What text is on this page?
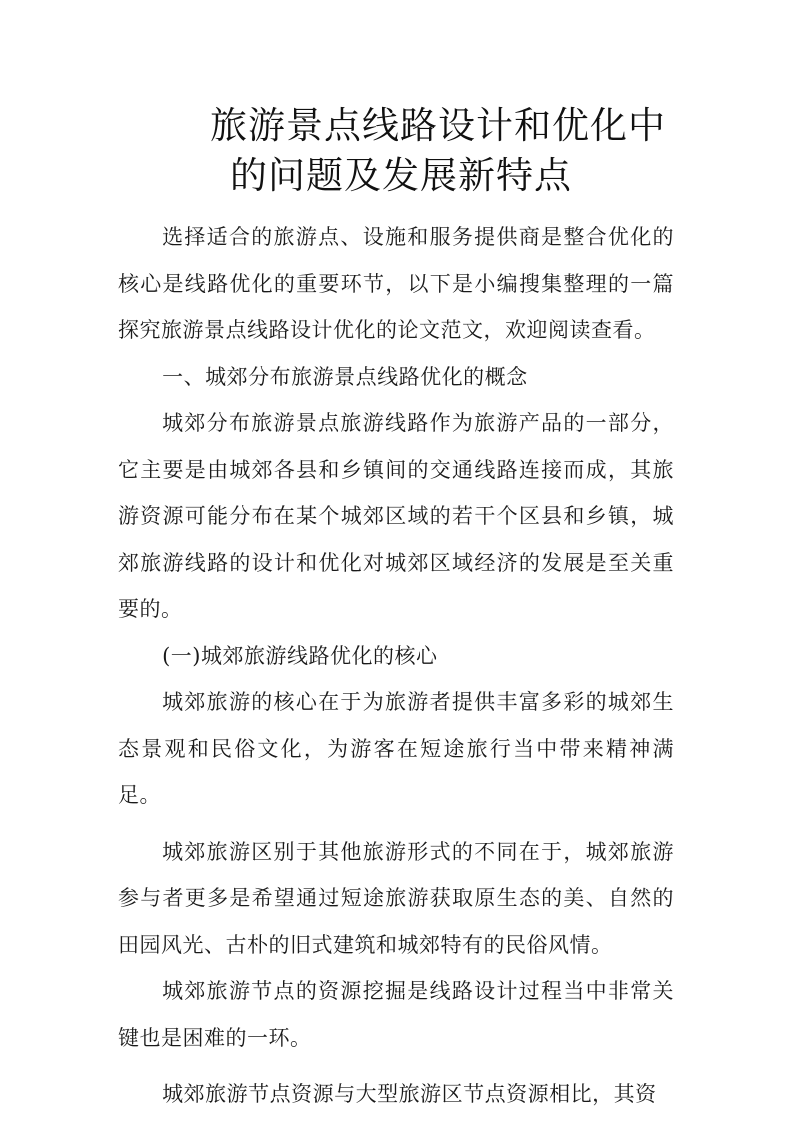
旅游景点线路设计和优化中
的问题及发展新特点

选择适合的旅游点、设施和服务提供商是整合优化的核心是线路优化的重要环节，以下是小编搜集整理的一篇探究旅游景点线路设计优化的论文范文，欢迎阅读查看。

一、城郊分布旅游景点线路优化的概念

城郊分布旅游景点旅游线路作为旅游产品的一部分，它主要是由城郊各县和乡镇间的交通线路连接而成，其旅游资源可能分布在某个城郊区域的若干个区县和乡镇，城郊旅游线路的设计和优化对城郊区域经济的发展是至关重要的。

(一)城郊旅游线路优化的核心

城郊旅游的核心在于为旅游者提供丰富多彩的城郊生态景观和民俗文化，为游客在短途旅行当中带来精神满足。

城郊旅游区别于其他旅游形式的不同在于，城郊旅游参与者更多是希望通过短途旅游获取原生态的美、自然的田园风光、古朴的旧式建筑和城郊特有的民俗风情。

城郊旅游节点的资源挖掘是线路设计过程当中非常关键也是困难的一环。

城郊旅游节点资源与大型旅游区节点资源相比，其资
